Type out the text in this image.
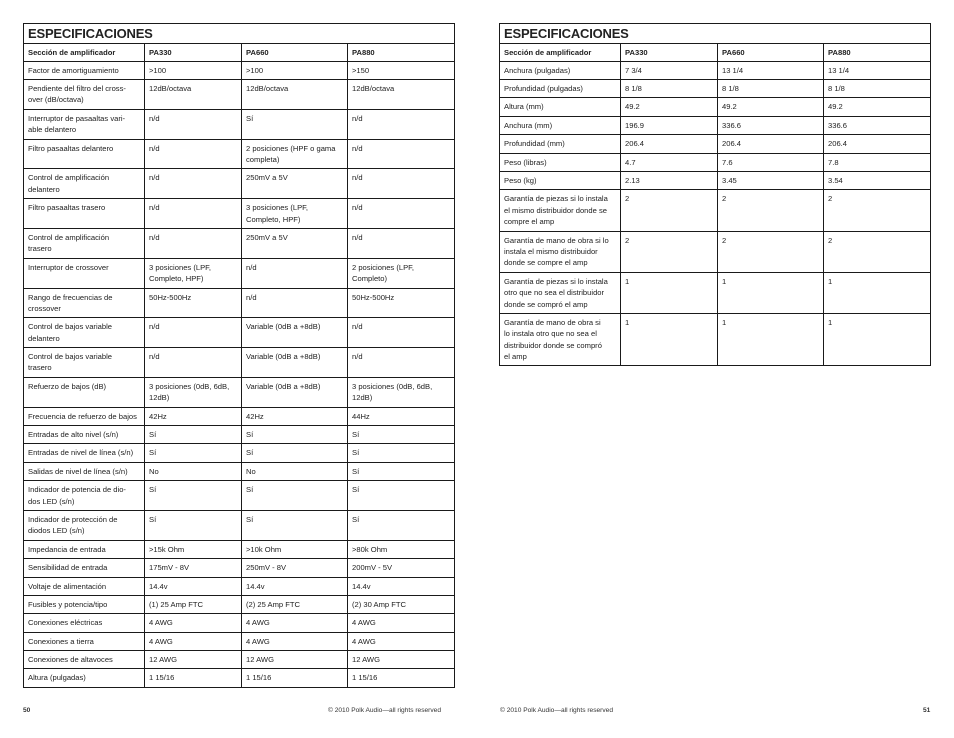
ESPECIFICACIONES			
Sección de amplificador	PA330	PA660	PA880
Factor de amortiguamiento	>100	>100	>150
Pendiente del filtro del cross-
over (dB/octava)	12dB/octava	12dB/octava	12dB/octava
Interruptor de pasaaltas vari-
able delantero	n/d	Sí	n/d
Filtro pasaaltas delantero	n/d	2 posiciones (HPF o gama
completa)	n/d
Control de amplificación
delantero	n/d	250mV a 5V	n/d
Filtro pasaaltas trasero	n/d	3 posiciones (LPF,
Completo, HPF)	n/d
Control de amplificación
trasero	n/d	250mV a 5V	n/d
Interruptor de crossover	3 posiciones (LPF,
Completo, HPF)	n/d	2 posiciones (LPF,
Completo)
Rango de frecuencias de
crossover	50Hz-500Hz	n/d	50Hz-500Hz
Control de bajos variable
delantero	n/d	Variable (0dB a +8dB)	n/d
Control de bajos variable
trasero	n/d	Variable (0dB a +8dB)	n/d
Refuerzo de bajos (dB)	3 posiciones (0dB, 6dB,
12dB)	Variable (0dB a +8dB)	3 posiciones (0dB, 6dB,
12dB)
Frecuencia de refuerzo de bajos	42Hz	42Hz	44Hz
Entradas de alto nivel (s/n)	Sí	Sí	Sí
Entradas de nivel de línea (s/n)	Sí	Sí	Sí
Salidas de nivel de línea (s/n)	No	No	Sí
Indicador de potencia de dio-
dos LED (s/n)	Sí	Sí	Sí
Indicador de protección de
diodos LED (s/n)	Sí	Sí	Sí
Impedancia de entrada	>15k Ohm	>10k Ohm	>80k Ohm
Sensibilidad de entrada	175mV - 8V	250mV - 8V	200mV - 5V
Voltaje de alimentación	14.4v	14.4v	14.4v
Fusibles y potencia/tipo	(1) 25 Amp FTC	(2) 25 Amp FTC	(2) 30 Amp FTC
Conexiones eléctricas	4 AWG	4 AWG	4 AWG
Conexiones a tierra	4 AWG	4 AWG	4 AWG
Conexiones de altavoces	12 AWG	12 AWG	12 AWG
Altura (pulgadas)	1 15/16	1 15/16	1 15/16
50	© 2010 Polk Audio—all rights reserved
ESPECIFICACIONES			
Sección de amplificador	PA330	PA660	PA880
Anchura (pulgadas)	7 3/4	13 1/4	13 1/4
Profundidad (pulgadas)	8 1/8	8 1/8	8 1/8
Altura (mm)	49.2	49.2	49.2
Anchura (mm)	196.9	336.6	336.6
Profundidad (mm)	206.4	206.4	206.4
Peso (libras)	4.7	7.6	7.8
Peso (kg)	2.13	3.45	3.54
Garantía de piezas si lo instala
el mismo distribuidor donde se
compre el amp	2	2	2
Garantía de mano de obra si lo
instala el mismo distribuidor
donde se compre el amp	2	2	2
Garantía de piezas si lo instala
otro que no sea el distribuidor
donde se compró el amp	1	1	1
Garantía de mano de obra si
lo instala otro que no sea el
distribuidor donde se compró
el amp	1	1	1
© 2010 Polk Audio—all rights reserved	51
